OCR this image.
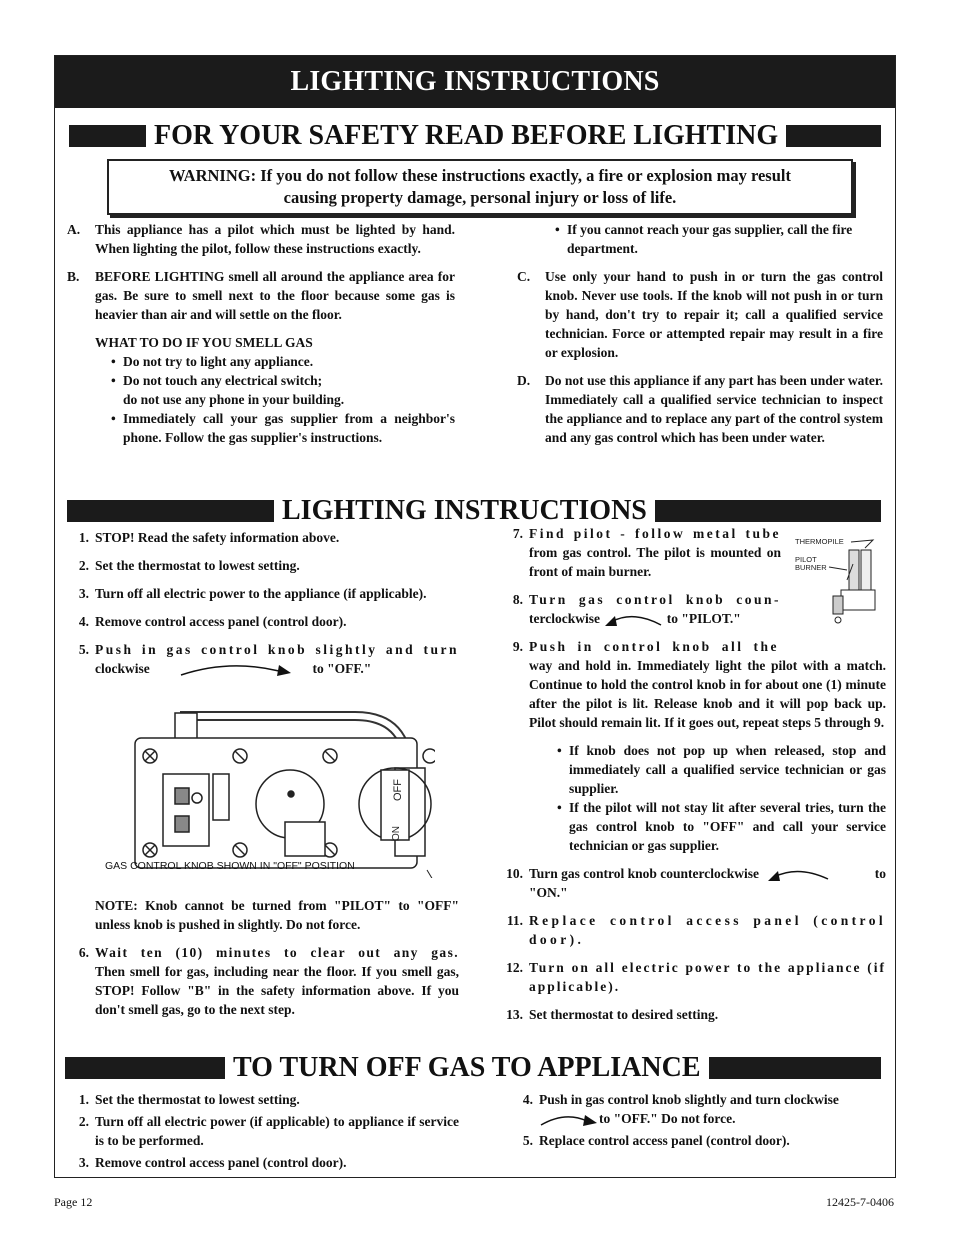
LIGHTING INSTRUCTIONS
FOR YOUR SAFETY READ BEFORE LIGHTING
WARNING: If you do not follow these instructions exactly, a fire or explosion may result
causing property damage, personal injury or loss of life.
A.	This appliance has a pilot which must be lighted by hand. When lighting the pilot, follow these instructions exactly.
B.	BEFORE LIGHTING smell all around the appliance area for gas. Be sure to smell next to the floor because some gas is heavier than air and will settle on the floor.
WHAT TO DO IF YOU SMELL GAS
• Do not try to light any appliance.
• Do not touch any electrical switch;
do not use any phone in your building.
• Immediately call your gas supplier from a neighbor's phone. Follow the gas supplier's instructions.
• If you cannot reach your gas supplier, call the fire department.
C.	Use only your hand to push in or turn the gas control knob. Never use tools. If the knob will not push in or turn by hand, don't try to repair it; call a qualified service technician. Force or attempted repair may result in a fire or explosion.
D.	Do not use this appliance if any part has been under water. Immediately call a qualified service technician to inspect the appliance and to replace any part of the control system and any gas control which has been under water.
LIGHTING INSTRUCTIONS
1. STOP! Read the safety information above.
2. Set the thermostat to lowest setting.
3. Turn off all electric power to the appliance (if applicable).
4. Remove control access panel (control door).
5. Push in gas control knob slightly and turn
clockwise	to "OFF."
OFF
ON
GAS CONTROL KNOB SHOWN IN "OFF" POSITION
NOTE: Knob cannot be turned from "PILOT" to "OFF" unless knob is pushed in slightly. Do not force.
6. Wait ten (10) minutes to clear out any gas.
Then smell for gas, including near the floor. If you smell gas, STOP! Follow "B" in the safety information above. If you don't smell gas, go to the next step.
7. Find pilot - follow metal tube
from gas control. The pilot is mounted on front of main burner.
8. Turn gas control knob coun-
terclockwise	to "PILOT."
9. Push in control knob all the
way and hold in. Immediately light the pilot with a match. Continue to hold the control knob in for about one (1) minute after the pilot is lit. Release knob and it will pop back up. Pilot should remain lit. If it goes out, repeat steps 5 through 9.
• If knob does not pop up when released, stop and immediately call a qualified service technician or gas supplier.
• If the pilot will not stay lit after several tries, turn the gas control knob to "OFF" and call your service technician or gas supplier.
10. Turn gas control knob counterclockwise	to

"ON."
11. Replace control access panel (control door).
12. Turn on all electric power to the appliance (if applicable).
13. Set thermostat to desired setting.
THERMOPILE
PILOT
BURNER
TO TURN OFF GAS TO APPLIANCE
1. Set the thermostat to lowest setting.
2. Turn off all electric power (if applicable) to appliance if service is to be performed.
3. Remove control access panel (control door).
4. Push in gas control knob slightly and turn clockwise
to "OFF." Do not force.
5. Replace control access panel (control door).
Page 12	12425-7-0406
